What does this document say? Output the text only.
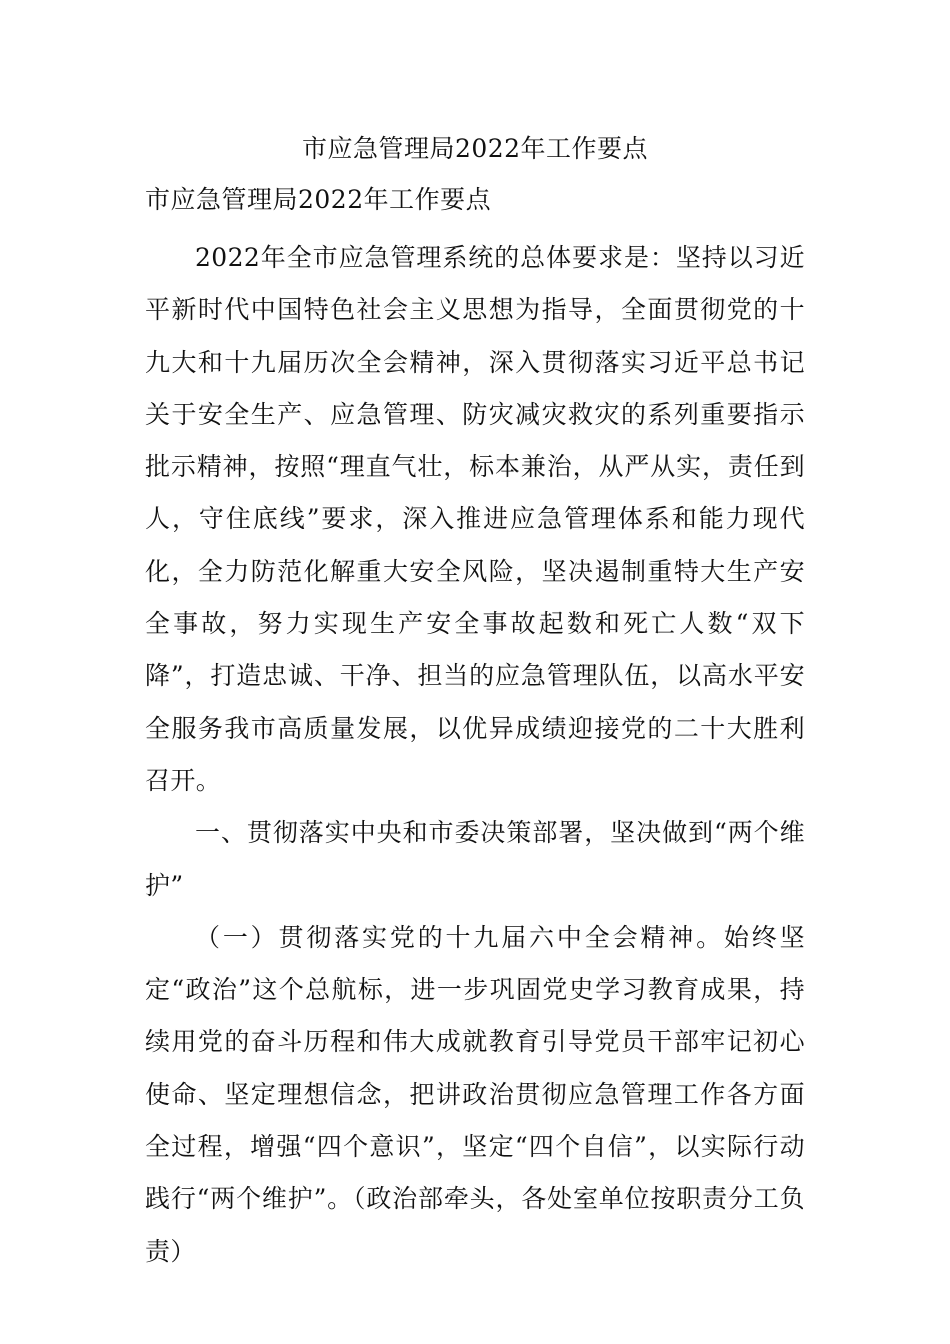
市应急管理局2022年工作要点
市应急管理局2022年工作要点

2022年全市应急管理系统的总体要求是：坚持以习近平新时代中国特色社会主义思想为指导，全面贯彻党的十九大和十九届历次全会精神，深入贯彻落实习近平总书记关于安全生产、应急管理、防灾减灾救灾的系列重要指示批示精神，按照“理直气壮，标本兼治，从严从实，责任到人，守住底线”要求，深入推进应急管理体系和能力现代化，全力防范化解重大安全风险，坚决遏制重特大生产安全事故，努力实现生产安全事故起数和死亡人数“双下降”，打造忠诚、干净、担当的应急管理队伍，以高水平安全服务我市高质量发展，以优异成绩迎接党的二十大胜利召开。

一、贯彻落实中央和市委决策部署，坚决做到“两个维护”

（一）贯彻落实党的十九届六中全会精神。始终坚定“政治”这个总航标，进一步巩固党史学习教育成果，持续用党的奋斗历程和伟大成就教育引导党员干部牢记初心使命、坚定理想信念，把讲政治贯彻应急管理工作各方面全过程，增强“四个意识”，坚定“四个自信”，以实际行动践行“两个维护”。（政治部牵头，各处室单位按职责分工负责）
